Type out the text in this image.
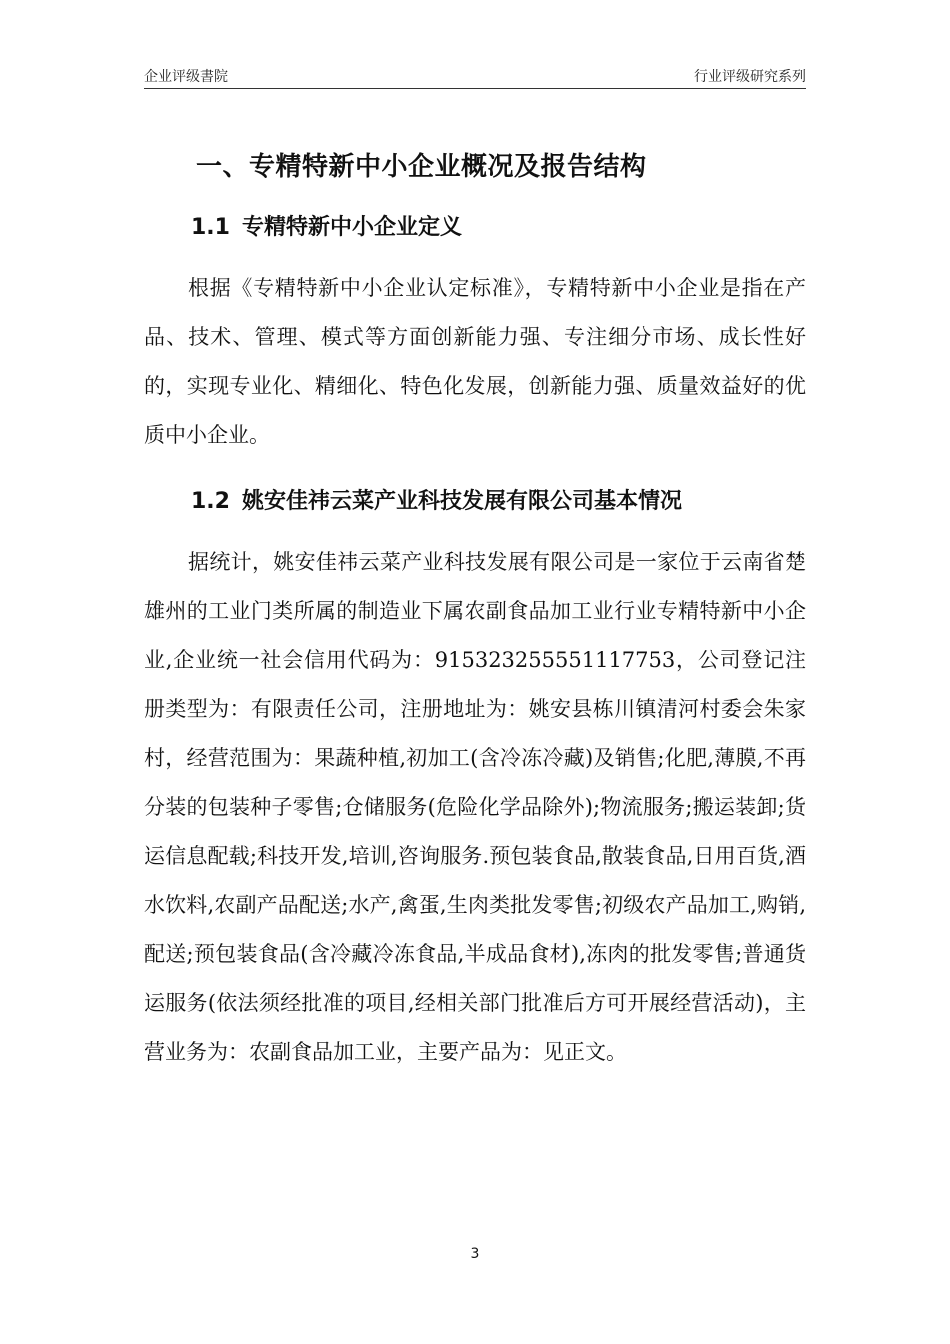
企业评级書院	行业评级研究系列
一、专精特新中小企业概况及报告结构
1.1 专精特新中小企业定义

根据《专精特新中小企业认定标准》，专精特新中小企业是指在产品、技术、管理、模式等方面创新能力强、专注细分市场、成长性好的，实现专业化、精细化、特色化发展，创新能力强、质量效益好的优质中小企业。

1.2 姚安佳祎云菜产业科技发展有限公司基本情况

据统计，姚安佳祎云菜产业科技发展有限公司是一家位于云南省楚雄州的工业门类所属的制造业下属农副食品加工业行业专精特新中小企业,企业统一社会信用代码为：915323255551117753，公司登记注册类型为：有限责任公司，注册地址为：姚安县栋川镇清河村委会朱家村，经营范围为：果蔬种植,初加工(含冷冻冷藏)及销售;化肥,薄膜,不再分装的包装种子零售;仓储服务(危险化学品除外);物流服务;搬运装卸;货运信息配载;科技开发,培训,咨询服务.预包装食品,散装食品,日用百货,酒水饮料,农副产品配送;水产,禽蛋,生肉类批发零售;初级农产品加工,购销,配送;预包装食品(含冷藏冷冻食品,半成品食材),冻肉的批发零售;普通货运服务(依法须经批准的项目,经相关部门批准后方可开展经营活动)，主营业务为：农副食品加工业，主要产品为：见正文。

3
